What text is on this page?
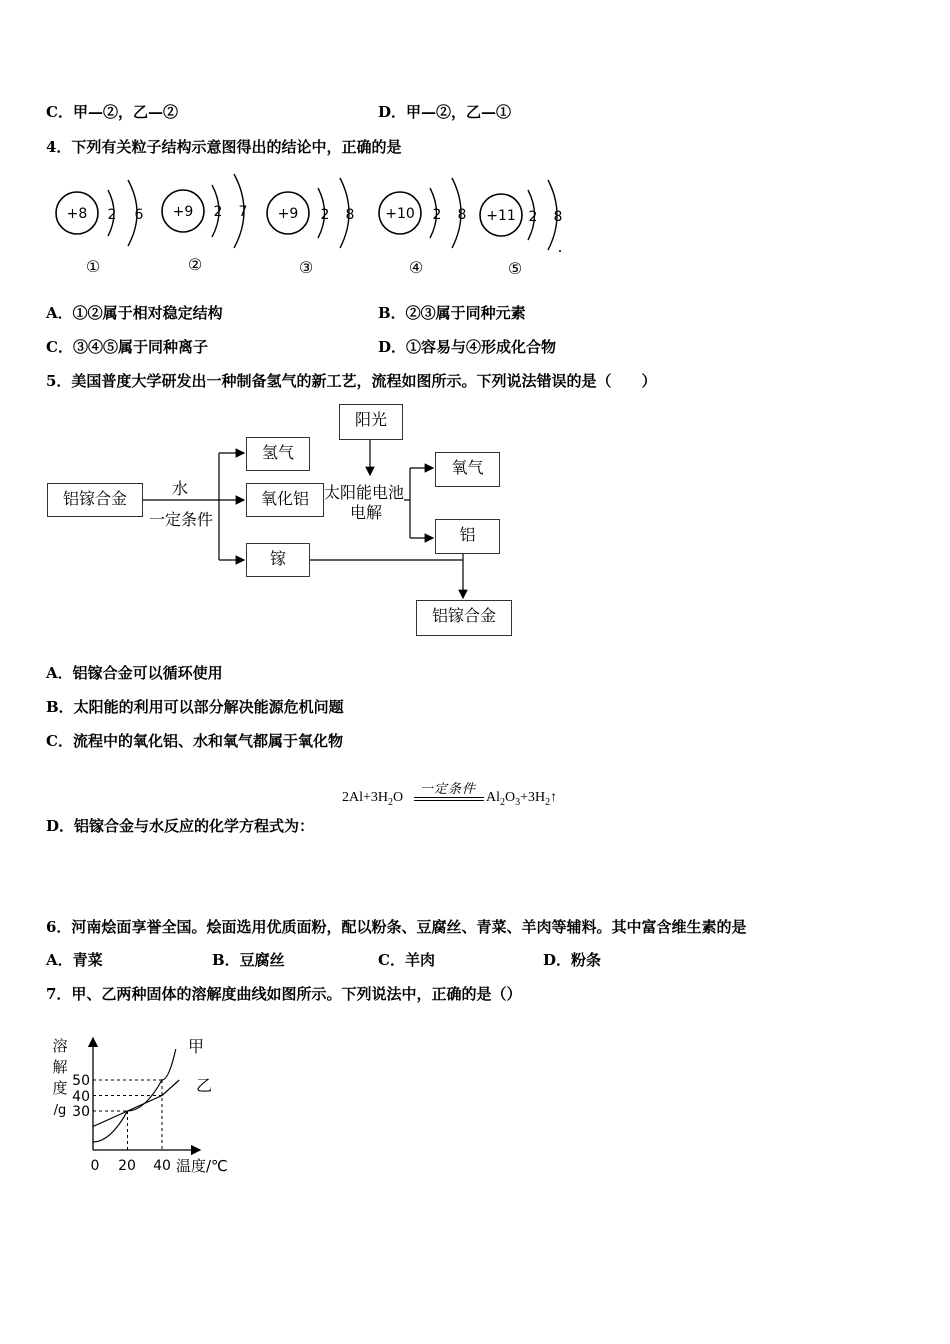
C．甲—②，乙—②	D．甲—②，乙—①
4．下列有关粒子结构示意图得出的结论中，正确的是
+8 2 6
①
+9 2 7
②
+9 2 8
③
+10 2 8
④
+11 2 8
⑤
A．①②属于相对稳定结构	B．②③属于同种元素
C．③④⑤属于同种离子	D．①容易与④形成化合物
5．美国普度大学研发出一种制备氢气的新工艺，流程如图所示。下列说法错误的是（　　）
铝镓合金
水
一定条件
氢气
氧化铝
镓
阳光
太阳能电池
电解
氧气
铝
铝镓合金
A．铝镓合金可以循环使用
B．太阳能的利用可以部分解决能源危机问题
C．流程中的氧化铝、水和氧气都属于氧化物
$2Al+3H_2O$
一定条件
$Al_2O_3+3H_2↑$
D．铝镓合金与水反应的化学方程式为：
6．河南烩面享誉全国。烩面选用优质面粉，配以粉条、豆腐丝、青菜、羊肉等辅料。其中富含维生素的是
A．青菜	B．豆腐丝	C．羊肉	D．粉条
7．甲、乙两种固体的溶解度曲线如图所示。下列说法中，正确的是（）
溶
解
度
/g
0 20 40 温度/℃
30
40
50
甲
乙
